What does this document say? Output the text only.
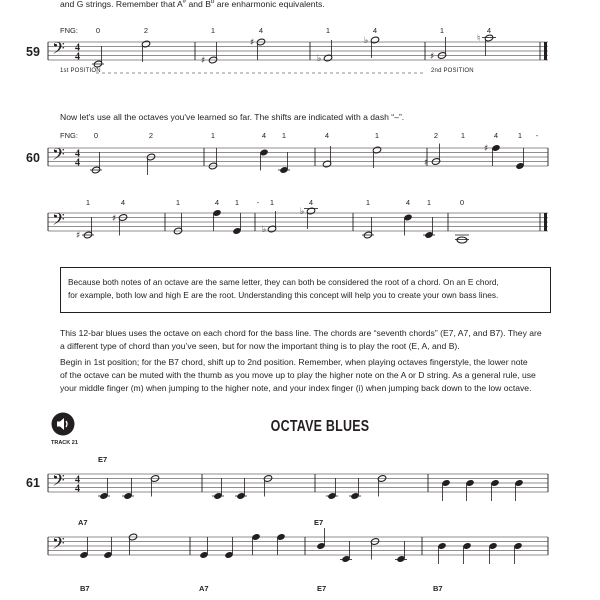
and G strings. Remember that A# and $B^b$ are enharmonic equivalents.
FNG:	0	2	1	4	1	4	1	4
59 𝄢 4
4	♯
♯
♭
♭
♯
♮
1st POSITION	2nd POSITION
Now let's use all the octaves you've learned so far. The shifts are indicated with a dash “–”.
FNG:	0	2	1	4	1	4	1	2	1	4	1	-
60 𝄢 4
4	♯
♯
1	4	1	4	1	-	1	4	1	4	1	0
𝄢
♯
♯
♭
♭
Because both notes of an octave are the same letter, they can both be considered the root of a chord. On an E chord,
for example, both low and high E are the root. Understanding this concept will help you to create your own bass lines.
This 12-bar blues uses the octave on each chord for the bass line. The chords are “seventh chords” (E7, A7, and B7). They are
a different type of chord than you’ve seen, but for now the important thing is to play the root (E, A, and B).
Begin in 1st position; for the B7 chord, shift up to 2nd position. Remember, when playing octaves fingerstyle, the lower note
of the octave can be muted with the thumb as you move up to play the higher note on the A or D string. As a general rule, use
your middle finger (m) when jumping to the higher note, and your index finger (i) when jumping back down to the low octave.
TRACK 21
OCTAVE BLUES
E7
61 𝄢 4
4
A7	E7
𝄢
B7	A7	E7	B7
